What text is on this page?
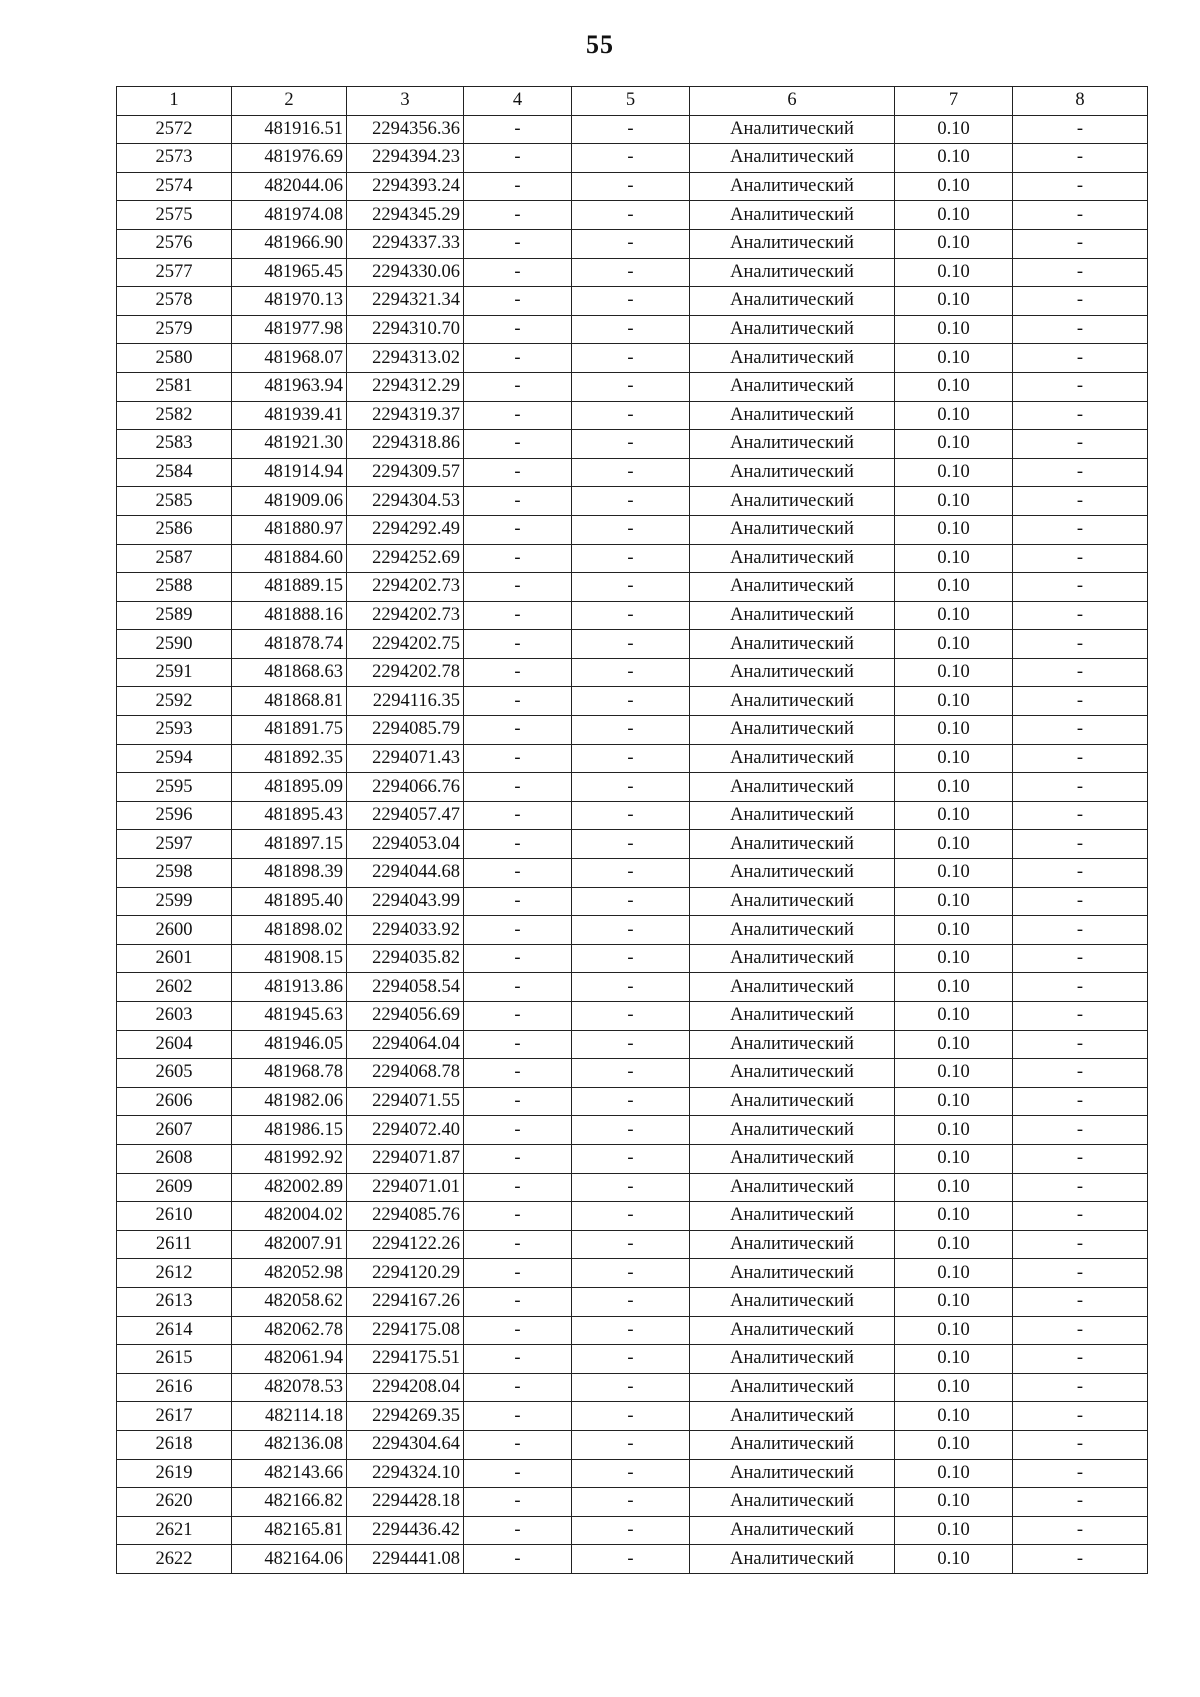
55
1	2	3	4	5	6	7	8
2572	481916.51	2294356.36	-	-	Аналитический	0.10	-
2573	481976.69	2294394.23	-	-	Аналитический	0.10	-
2574	482044.06	2294393.24	-	-	Аналитический	0.10	-
2575	481974.08	2294345.29	-	-	Аналитический	0.10	-
2576	481966.90	2294337.33	-	-	Аналитический	0.10	-
2577	481965.45	2294330.06	-	-	Аналитический	0.10	-
2578	481970.13	2294321.34	-	-	Аналитический	0.10	-
2579	481977.98	2294310.70	-	-	Аналитический	0.10	-
2580	481968.07	2294313.02	-	-	Аналитический	0.10	-
2581	481963.94	2294312.29	-	-	Аналитический	0.10	-
2582	481939.41	2294319.37	-	-	Аналитический	0.10	-
2583	481921.30	2294318.86	-	-	Аналитический	0.10	-
2584	481914.94	2294309.57	-	-	Аналитический	0.10	-
2585	481909.06	2294304.53	-	-	Аналитический	0.10	-
2586	481880.97	2294292.49	-	-	Аналитический	0.10	-
2587	481884.60	2294252.69	-	-	Аналитический	0.10	-
2588	481889.15	2294202.73	-	-	Аналитический	0.10	-
2589	481888.16	2294202.73	-	-	Аналитический	0.10	-
2590	481878.74	2294202.75	-	-	Аналитический	0.10	-
2591	481868.63	2294202.78	-	-	Аналитический	0.10	-
2592	481868.81	2294116.35	-	-	Аналитический	0.10	-
2593	481891.75	2294085.79	-	-	Аналитический	0.10	-
2594	481892.35	2294071.43	-	-	Аналитический	0.10	-
2595	481895.09	2294066.76	-	-	Аналитический	0.10	-
2596	481895.43	2294057.47	-	-	Аналитический	0.10	-
2597	481897.15	2294053.04	-	-	Аналитический	0.10	-
2598	481898.39	2294044.68	-	-	Аналитический	0.10	-
2599	481895.40	2294043.99	-	-	Аналитический	0.10	-
2600	481898.02	2294033.92	-	-	Аналитический	0.10	-
2601	481908.15	2294035.82	-	-	Аналитический	0.10	-
2602	481913.86	2294058.54	-	-	Аналитический	0.10	-
2603	481945.63	2294056.69	-	-	Аналитический	0.10	-
2604	481946.05	2294064.04	-	-	Аналитический	0.10	-
2605	481968.78	2294068.78	-	-	Аналитический	0.10	-
2606	481982.06	2294071.55	-	-	Аналитический	0.10	-
2607	481986.15	2294072.40	-	-	Аналитический	0.10	-
2608	481992.92	2294071.87	-	-	Аналитический	0.10	-
2609	482002.89	2294071.01	-	-	Аналитический	0.10	-
2610	482004.02	2294085.76	-	-	Аналитический	0.10	-
2611	482007.91	2294122.26	-	-	Аналитический	0.10	-
2612	482052.98	2294120.29	-	-	Аналитический	0.10	-
2613	482058.62	2294167.26	-	-	Аналитический	0.10	-
2614	482062.78	2294175.08	-	-	Аналитический	0.10	-
2615	482061.94	2294175.51	-	-	Аналитический	0.10	-
2616	482078.53	2294208.04	-	-	Аналитический	0.10	-
2617	482114.18	2294269.35	-	-	Аналитический	0.10	-
2618	482136.08	2294304.64	-	-	Аналитический	0.10	-
2619	482143.66	2294324.10	-	-	Аналитический	0.10	-
2620	482166.82	2294428.18	-	-	Аналитический	0.10	-
2621	482165.81	2294436.42	-	-	Аналитический	0.10	-
2622	482164.06	2294441.08	-	-	Аналитический	0.10	-
